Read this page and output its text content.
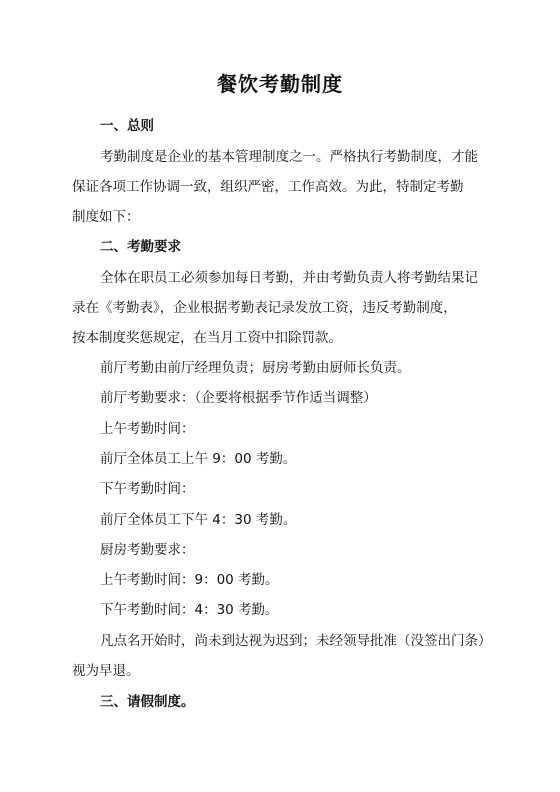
餐饮考勤制度
一、总则
考勤制度是企业的基本管理制度之一。严格执行考勤制度，才能
保证各项工作协调一致，组织严密，工作高效。为此，特制定考勤
制度如下：
二、考勤要求
全体在职员工必须参加每日考勤，并由考勤负责人将考勤结果记
录在《考勤表》，企业根据考勤表记录发放工资，违反考勤制度，
按本制度奖惩规定，在当月工资中扣除罚款。
前厅考勤由前厅经理负责；厨房考勤由厨师长负责。
前厅考勤要求：（企要将根据季节作适当调整）
上午考勤时间：
前厅全体员工上午 9：00 考勤。
下午考勤时间：
前厅全体员工下午 4：30 考勤。
厨房考勤要求：
上午考勤时间：9：00 考勤。
下午考勤时间：4：30 考勤。
凡点名开始时，尚未到达视为迟到；未经领导批准（没签出门条）
视为早退。
三、请假制度。
